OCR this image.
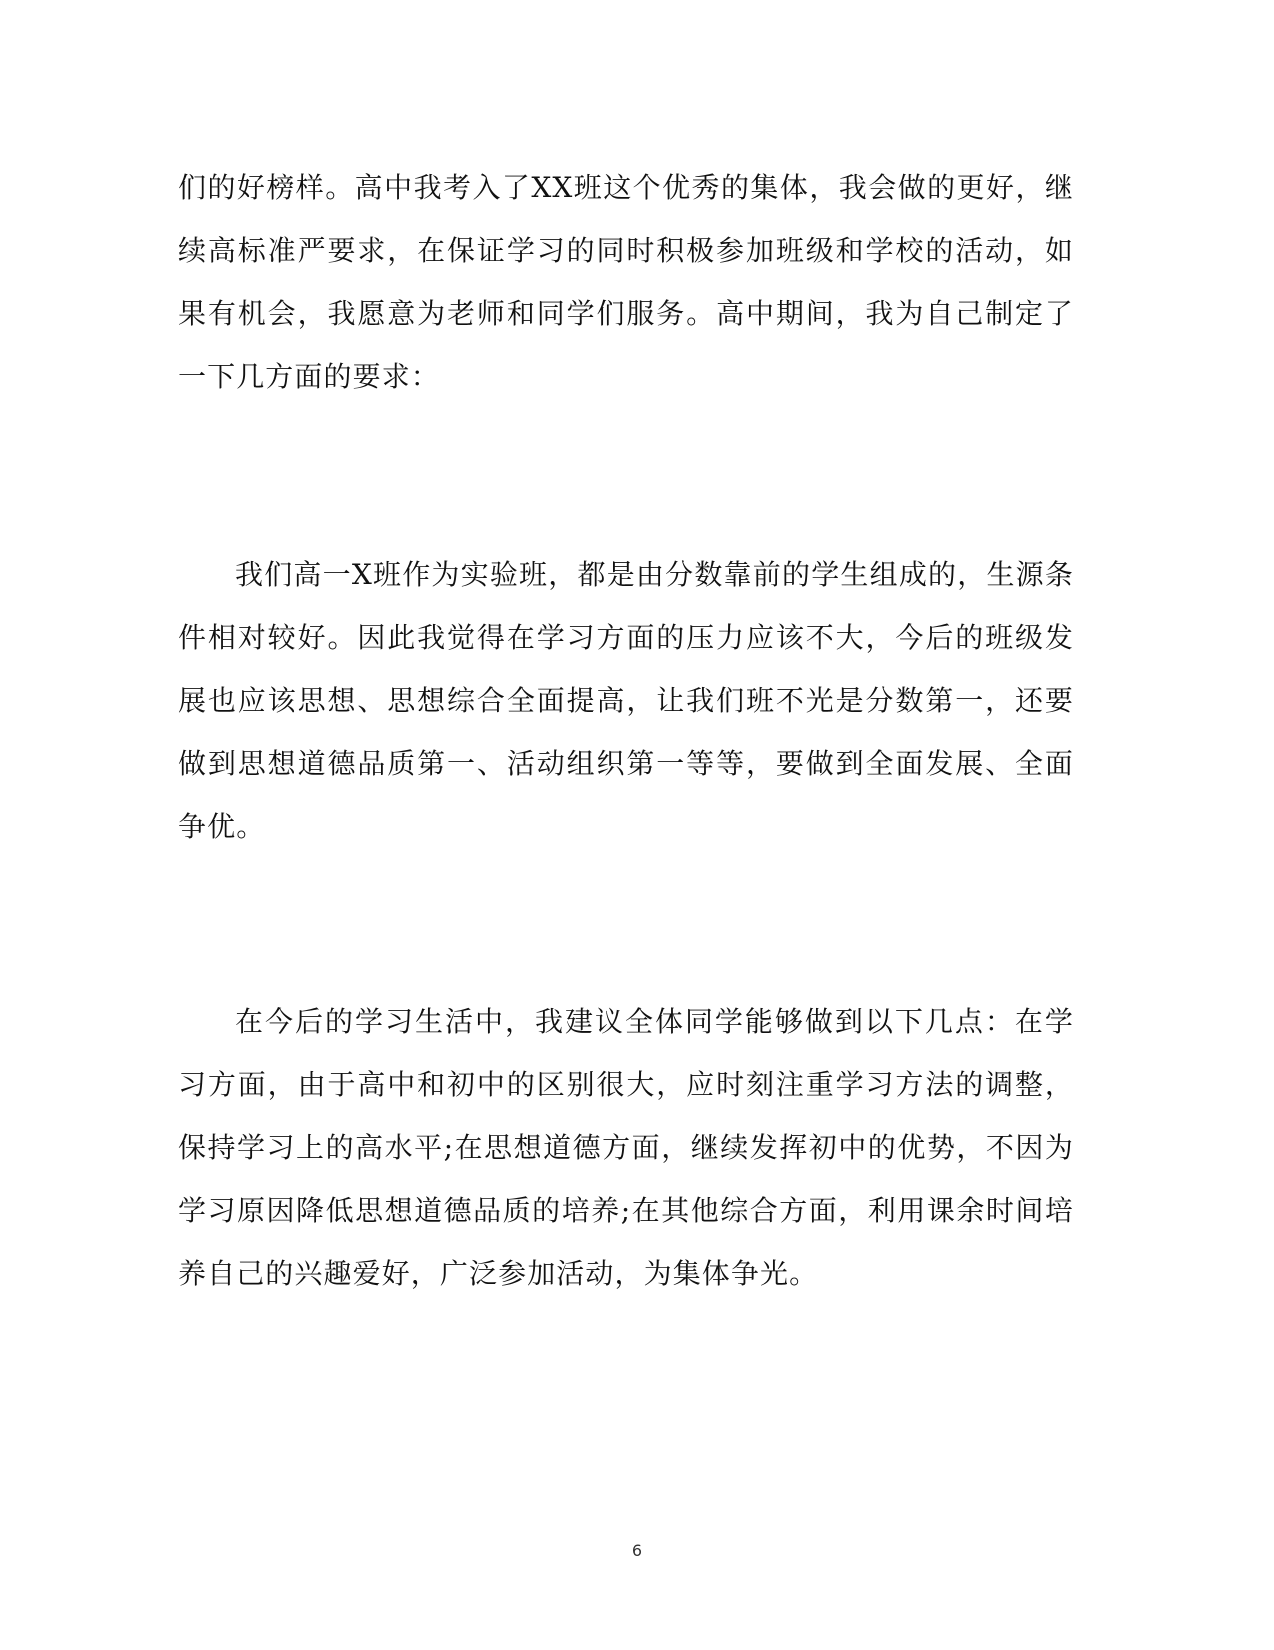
们的好榜样。高中我考入了XX班这个优秀的集体，我会做的更好，继续高标准严要求，在保证学习的同时积极参加班级和学校的活动，如果有机会，我愿意为老师和同学们服务。高中期间，我为自己制定了一下几方面的要求：

我们高一X班作为实验班，都是由分数靠前的学生组成的，生源条件相对较好。因此我觉得在学习方面的压力应该不大，今后的班级发展也应该思想、思想综合全面提高，让我们班不光是分数第一，还要做到思想道德品质第一、活动组织第一等等，要做到全面发展、全面争优。

在今后的学习生活中，我建议全体同学能够做到以下几点：在学习方面，由于高中和初中的区别很大，应时刻注重学习方法的调整，保持学习上的高水平;在思想道德方面，继续发挥初中的优势，不因为学习原因降低思想道德品质的培养;在其他综合方面，利用课余时间培养自己的兴趣爱好，广泛参加活动，为集体争光。

6
